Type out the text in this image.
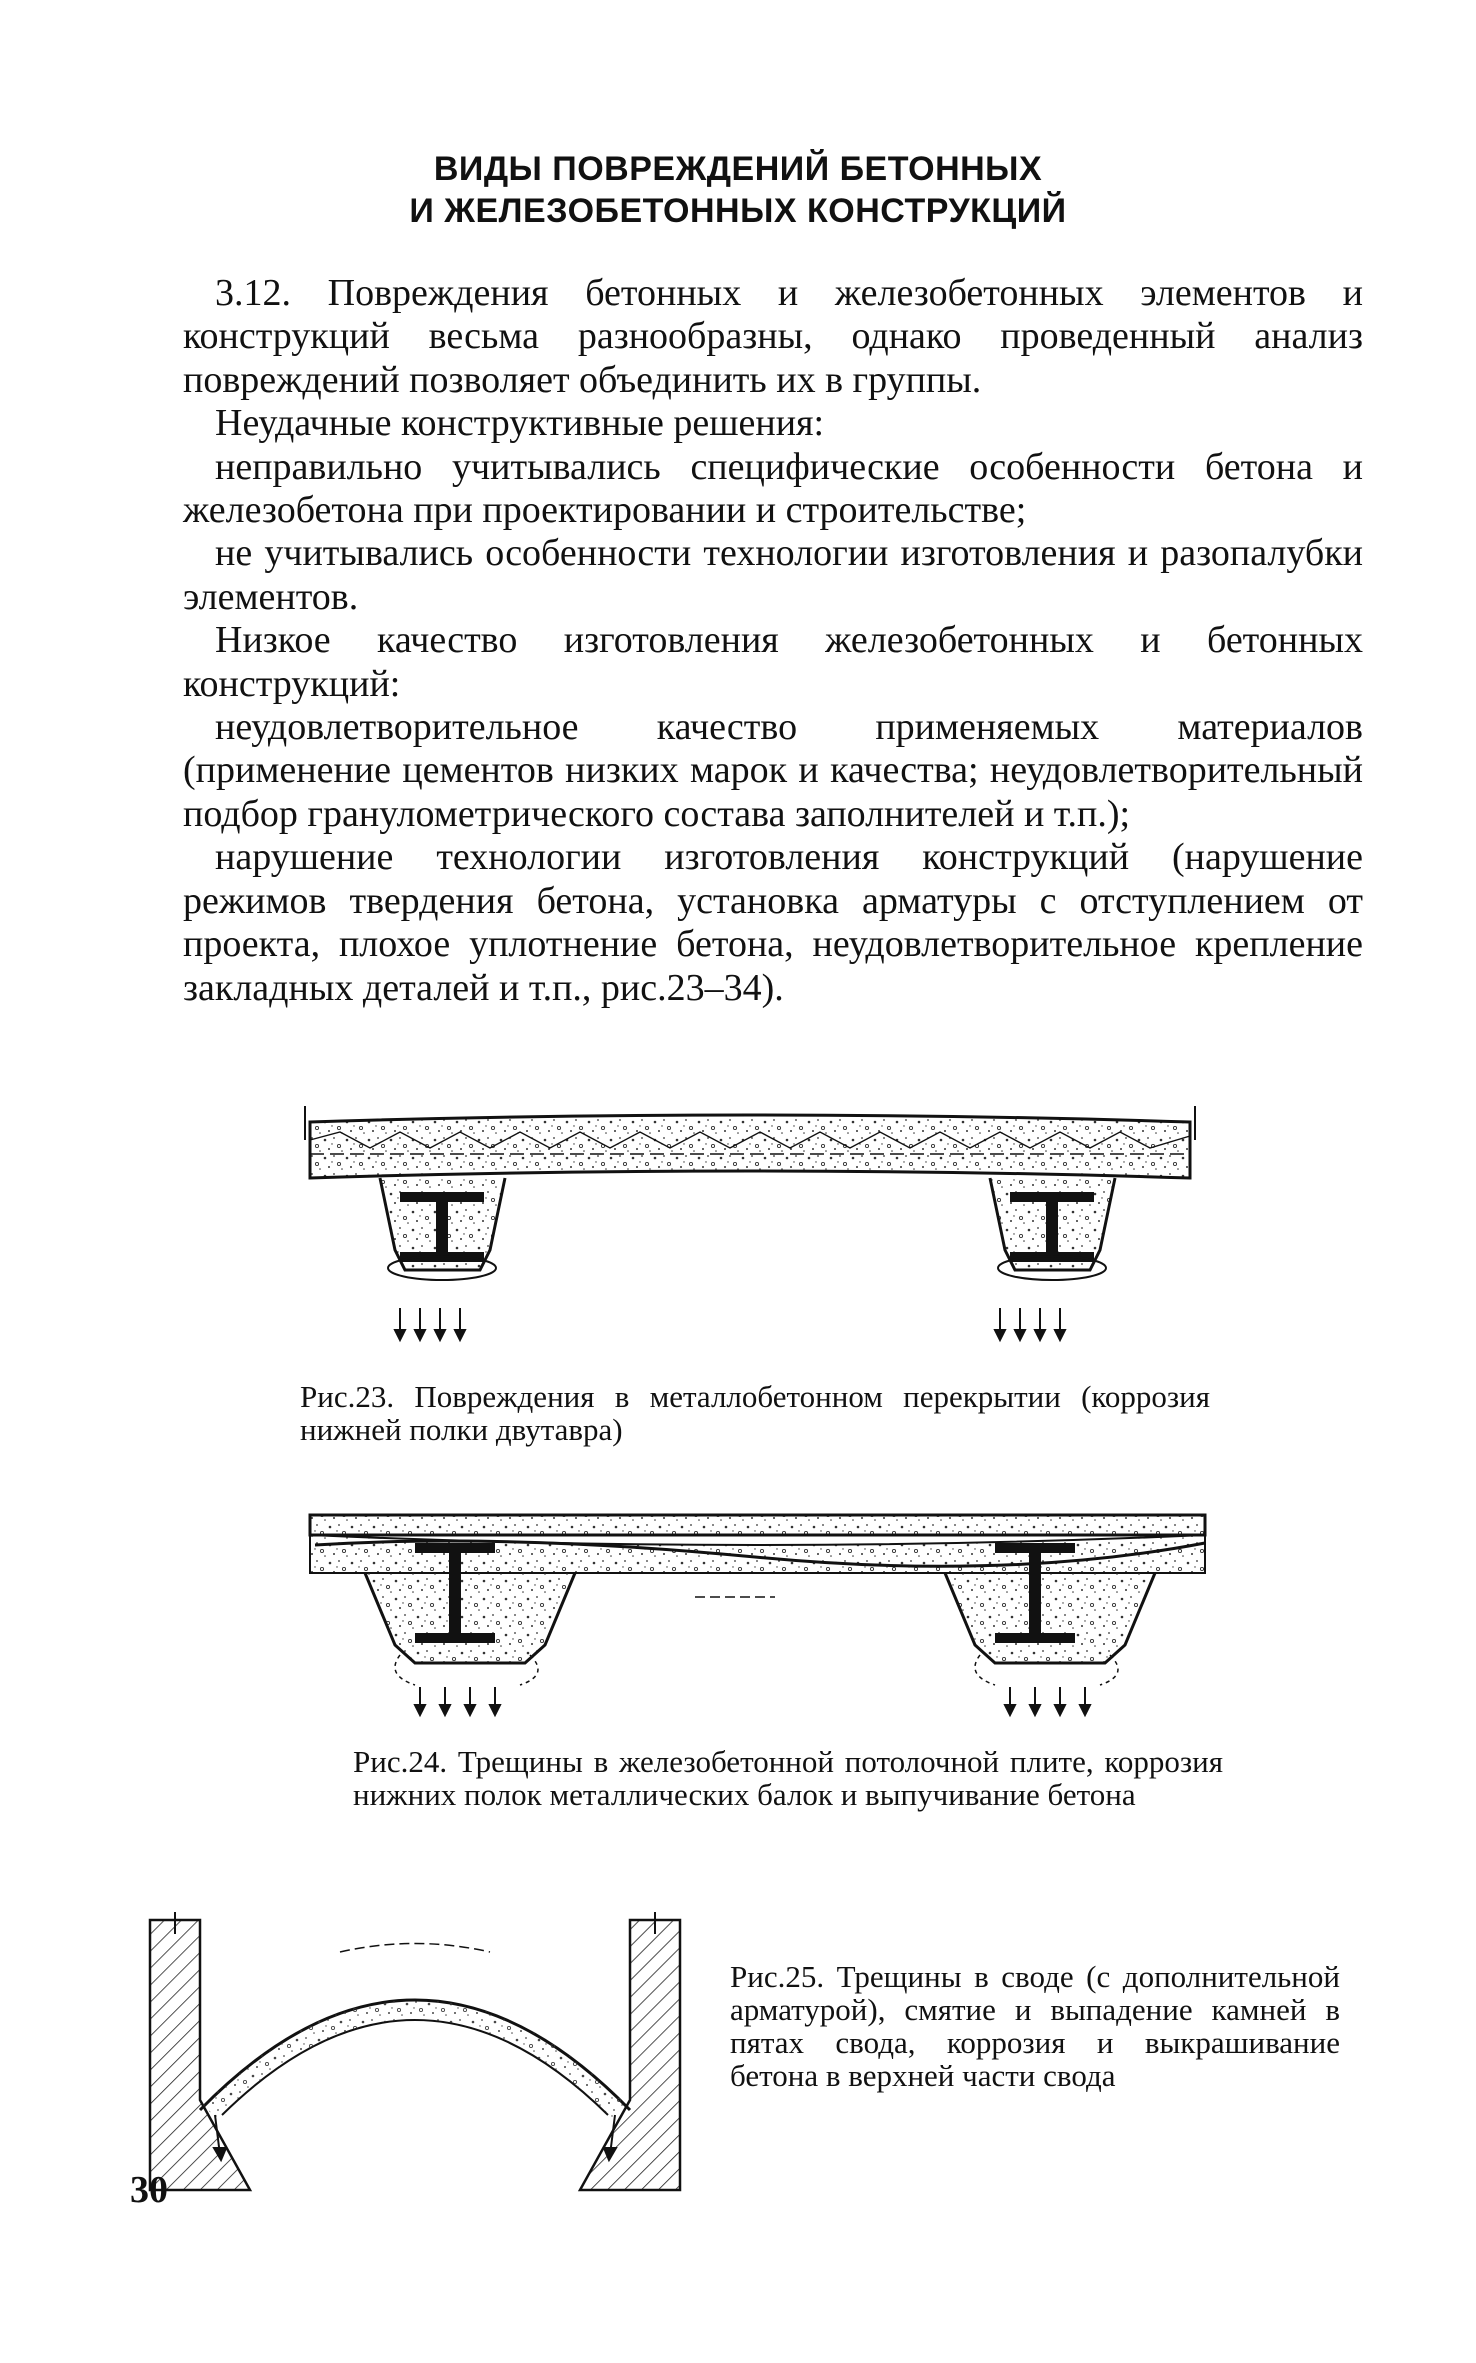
ВИДЫ ПОВРЕЖДЕНИЙ БЕТОННЫХ
И ЖЕЛЕЗОБЕТОННЫХ КОНСТРУКЦИЙ

3.12. Повреждения бетонных и железобетонных элементов и конструкций весьма разнообразны, однако проведенный анализ повреждений позволяет объединить их в группы.

Неудачные конструктивные решения:

неправильно учитывались специфические особенности бетона и железобетона при проектировании и строительстве;

не учитывались особенности технологии изготовления и разопалубки элементов.

Низкое качество изготовления железобетонных и бетонных конструкций:

неудовлетворительное качество применяемых материалов (применение цементов низких марок и качества; неудовлетворительный подбор гранулометрического состава заполнителей и т.п.);

нарушение технологии изготовления конструкций (нарушение режимов твердения бетона, установка арматуры с отступлением от проекта, плохое уплотнение бетона, неудовлетворительное крепление закладных деталей и т.п., рис.23–34).

Рис.23. Повреждения в металлобетонном перекрытии (коррозия нижней полки двутавра)
Рис.24. Трещины в железобетонной потолочной плите, коррозия нижних полок металлических балок и выпучивание бетона
Рис.25. Трещины в своде (с дополнительной арматурой), смятие и выпадение камней в пятах свода, коррозия и выкрашивание бетона в верхней части свода
30
